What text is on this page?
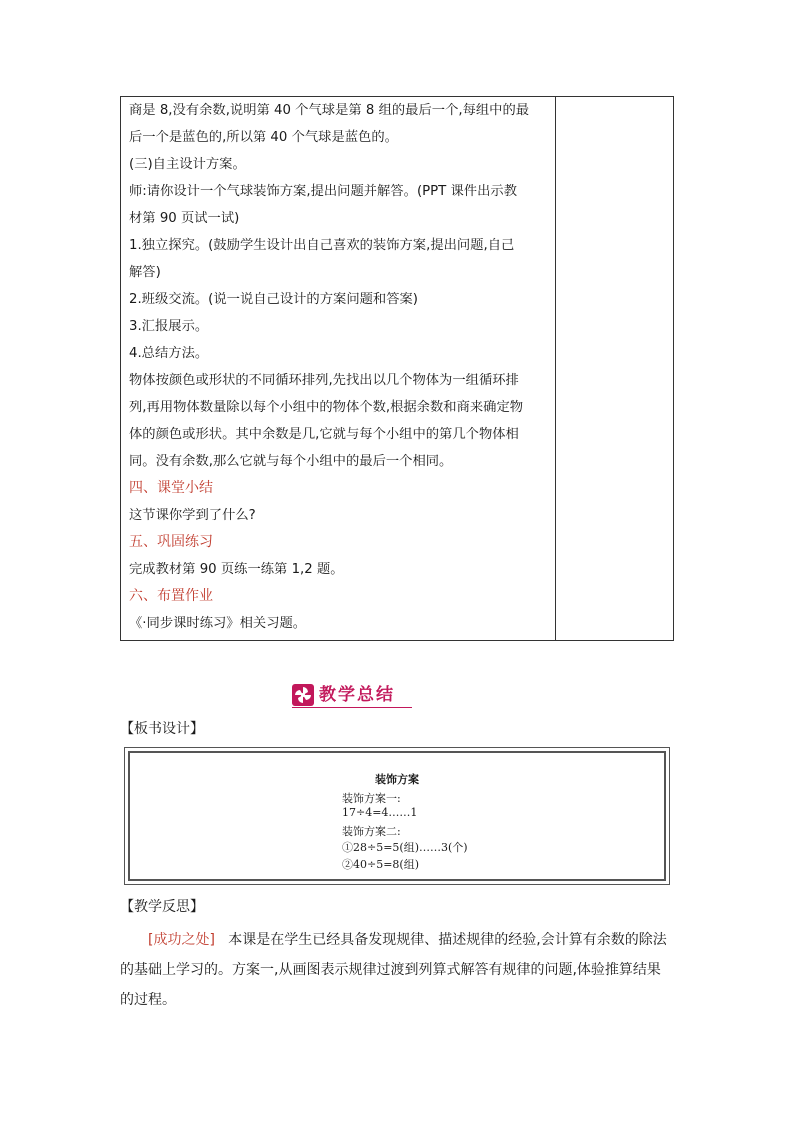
商是 8,没有余数,说明第 40 个气球是第 8 组的最后一个,每组中的最
后一个是蓝色的,所以第 40 个气球是蓝色的。
(三)自主设计方案。
师:请你设计一个气球装饰方案,提出问题并解答。(PPT 课件出示教
材第 90 页试一试)
1.独立探究。(鼓励学生设计出自己喜欢的装饰方案,提出问题,自己
解答)
2.班级交流。(说一说自己设计的方案问题和答案)
3.汇报展示。
4.总结方法。
物体按颜色或形状的不同循环排列,先找出以几个物体为一组循环排
列,再用物体数量除以每个小组中的物体个数,根据余数和商来确定物
体的颜色或形状。其中余数是几,它就与每个小组中的第几个物体相
同。没有余数,那么它就与每个小组中的最后一个相同。
四、课堂小结
这节课你学到了什么?
五、巩固练习
完成教材第 90 页练一练第 1,2 题。
六、布置作业
《·同步课时练习》相关习题。
教学总结
【板书设计】
装饰方案
装饰方案一:
17÷4=4……1
装饰方案二:
①28÷5=5(组)……3(个)
②40÷5=8(组)
【教学反思】
[成功之处] 本课是在学生已经具备发现规律、描述规律的经验,会计算有余数的除法
的基础上学习的。方案一,从画图表示规律过渡到列算式解答有规律的问题,体验推算结果
的过程。
